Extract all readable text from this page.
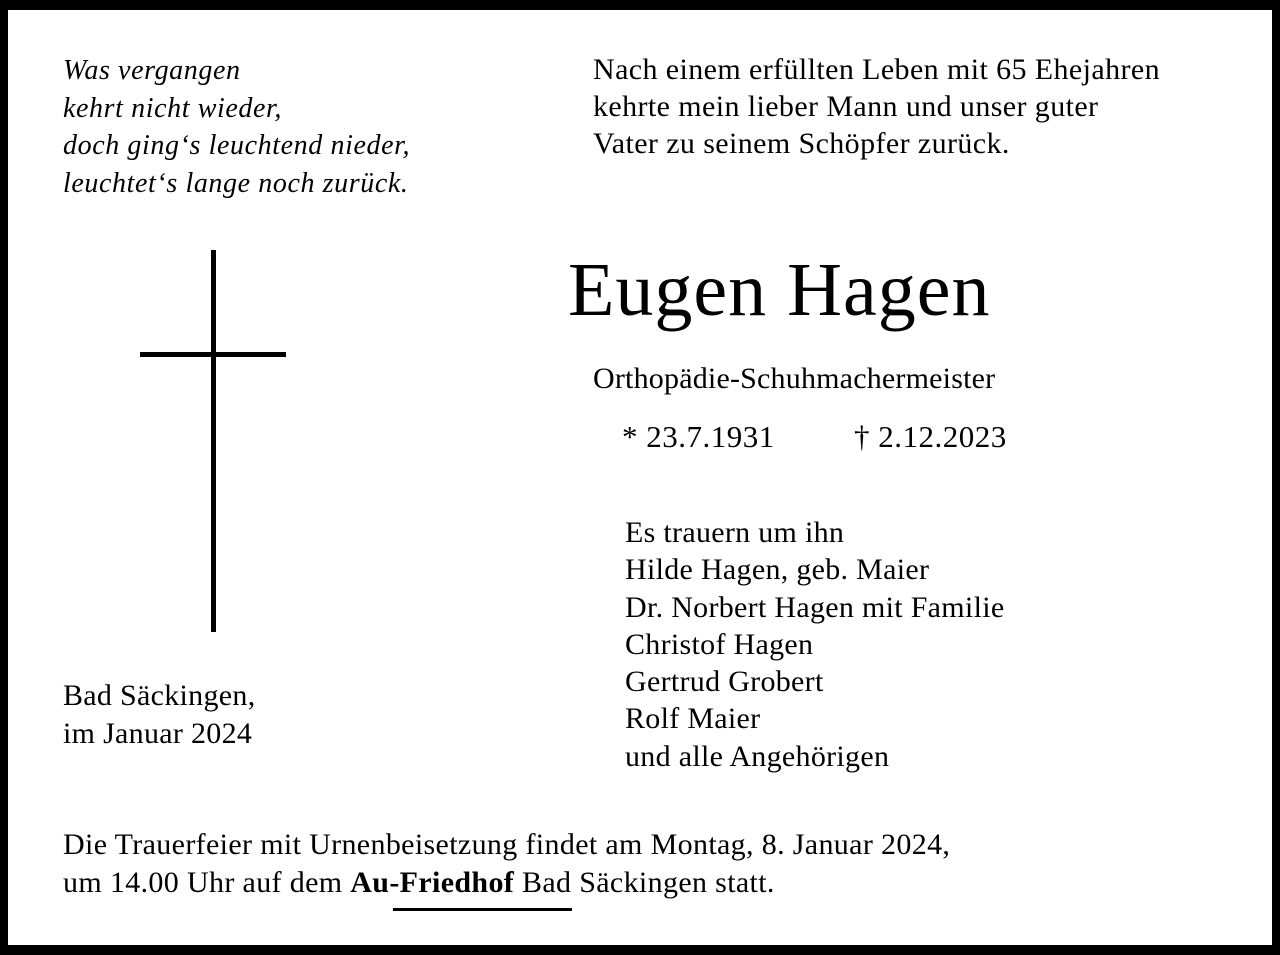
Was vergangen
kehrt nicht wieder,
doch ging‘s leuchtend nieder,
leuchtet‘s lange noch zurück.
Nach einem erfüllten Leben mit 65 Ehejahren
kehrte mein lieber Mann und unser guter
Vater zu seinem Schöpfer zurück.
Eugen Hagen
Orthopädie-Schuhmachermeister
* 23.7.1931	† 2.12.2023
Es trauern um ihn
Hilde Hagen, geb. Maier
Dr. Norbert Hagen mit Familie
Christof Hagen
Gertrud Grobert
Rolf Maier
und alle Angehörigen
Bad Säckingen,
im Januar 2024
Die Trauerfeier mit Urnenbeisetzung findet am Montag, 8. Januar 2024,
um 14.00 Uhr auf dem Au-Friedhof Bad Säckingen statt.
